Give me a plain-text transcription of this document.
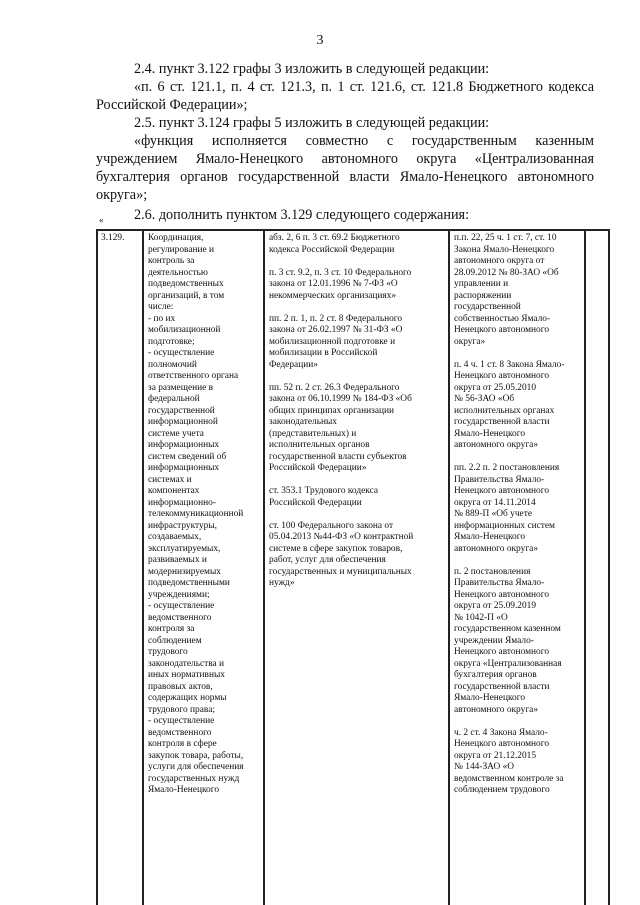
3

2.4. пункт 3.122 графы 3 изложить в следующей редакции:

«п. 6 ст. 121.1, п. 4 ст. 121.3, п. 1 ст. 121.6, ст. 121.8 Бюджетного кодекса Российской Федерации»;

2.5. пункт 3.124 графы 5 изложить в следующей редакции:

«функция исполняется совместно с государственным казенным учреждением Ямало-Ненецкого автономного округа «Централизованная бухгалтерия органов государственной власти Ямало-Ненецкого автономного округа»;

2.6. дополнить пунктом 3.129 следующего содержания:

«
3.129.	Координация,
регулирование и
контроль за
деятельностью
подведомственных
организаций, в том
числе:
- по их
мобилизационной
подготовке;
- осуществление
полномочий
ответственного органа
за размещение в
федеральной
государственной
информационной
системе учета
информационных
систем сведений об
информационных
системах и
компонентах
информационно-
телекоммуникационной
инфраструктуры,
создаваемых,
эксплуатируемых,
развиваемых и
модернизируемых
подведомственными
учреждениями;
- осуществление
ведомственного
контроля за
соблюдением
трудового
законодательства и
иных нормативных
правовых актов,
содержащих нормы
трудового права;
- осуществление
ведомственного
контроля в сфере
закупок товара, работы,
услуги для обеспечения
государственных нужд
Ямало-Ненецкого	абз. 2, 6 п. 3 ст. 69.2 Бюджетного
кодекса Российской Федерации

п. 3 ст. 9.2, п. 3 ст. 10 Федерального
закона от 12.01.1996 № 7-ФЗ «О
некоммерческих организациях»

пп. 2 п. 1, п. 2 ст. 8 Федерального
закона от 26.02.1997 № 31-ФЗ «О
мобилизационной подготовке и
мобилизации в Российской
Федерации»

пп. 52 п. 2 ст. 26.3 Федерального
закона от 06.10.1999 № 184-ФЗ «Об
общих принципах организации
законодательных
(представительных) и
исполнительных органов
государственной власти субъектов
Российской Федерации»

ст. 353.1 Трудового кодекса
Российской Федерации

ст. 100 Федерального закона от
05.04.2013 №44-ФЗ «О контрактной
системе в сфере закупок товаров,
работ, услуг для обеспечения
государственных и муниципальных
нужд»	п.п. 22, 25 ч. 1 ст. 7, ст. 10
Закона Ямало-Ненецкого
автономного округа от
28.09.2012 № 80-ЗАО «Об
управлении и
распоряжении
государственной
собственностью Ямало-
Ненецкого автономного
округа»

п. 4 ч. 1 ст. 8 Закона Ямало-
Ненецкого автономного
округа от 25.05.2010
№ 56-ЗАО «Об
исполнительных органах
государственной власти
Ямало-Ненецкого
автономного округа»

пп. 2.2 п. 2 постановления
Правительства Ямало-
Ненецкого автономного
округа от 14.11.2014
№ 889-П «Об учете
информационных систем
Ямало-Ненецкого
автономного округа»

п. 2 постановления
Правительства Ямало-
Ненецкого автономного
округа от 25.09.2019
№ 1042-П «О
государственном казенном
учреждении Ямало-
Ненецкого автономного
округа «Централизованная
бухгалтерия органов
государственной власти
Ямало-Ненецкого
автономного округа»

ч. 2 ст. 4 Закона Ямало-
Ненецкого автономного
округа от 21.12.2015
№ 144-ЗАО «О
ведомственном контроле за
соблюдением трудового	
